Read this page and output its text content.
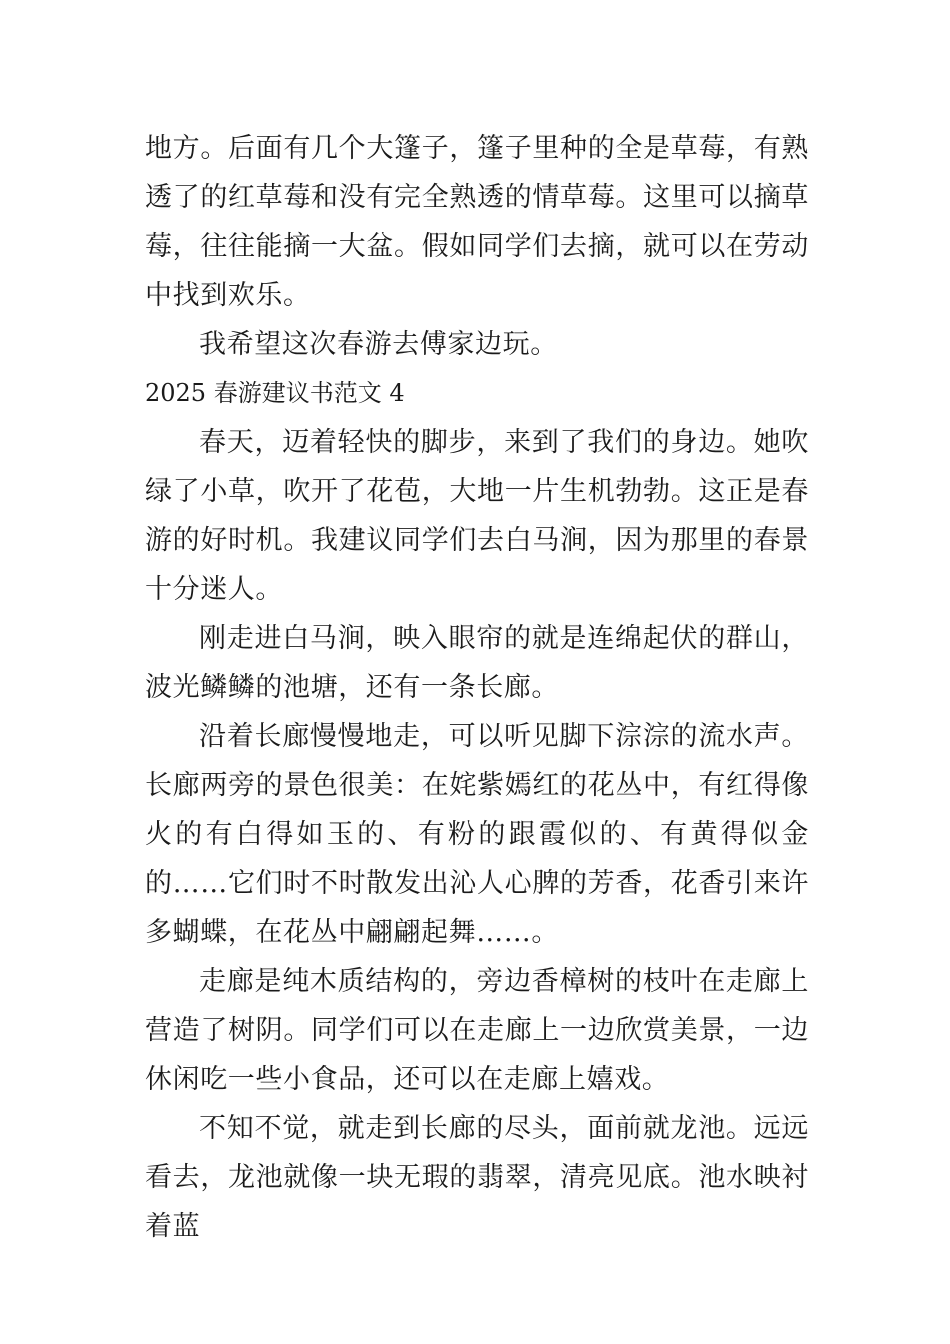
地方。后面有几个大篷子，篷子里种的全是草莓，有熟透了的红草莓和没有完全熟透的情草莓。这里可以摘草莓，往往能摘一大盆。假如同学们去摘，就可以在劳动中找到欢乐。

我希望这次春游去傅家边玩。

2025 春游建议书范文 4

春天，迈着轻快的脚步，来到了我们的身边。她吹绿了小草，吹开了花苞，大地一片生机勃勃。这正是春游的好时机。我建议同学们去白马涧，因为那里的春景十分迷人。

刚走进白马涧，映入眼帘的就是连绵起伏的群山，波光鳞鳞的池塘，还有一条长廊。

沿着长廊慢慢地走，可以听见脚下淙淙的流水声。长廊两旁的景色很美：在姹紫嫣红的花丛中，有红得像火的有白得如玉的、有粉的跟霞似的、有黄得似金的……它们时不时散发出沁人心脾的芳香，花香引来许多蝴蝶，在花丛中翩翩起舞……。

走廊是纯木质结构的，旁边香樟树的枝叶在走廊上营造了树阴。同学们可以在走廊上一边欣赏美景，一边休闲吃一些小食品，还可以在走廊上嬉戏。

不知不觉，就走到长廊的尽头，面前就龙池。远远看去，龙池就像一块无瑕的翡翠，清亮见底。池水映衬着蓝
